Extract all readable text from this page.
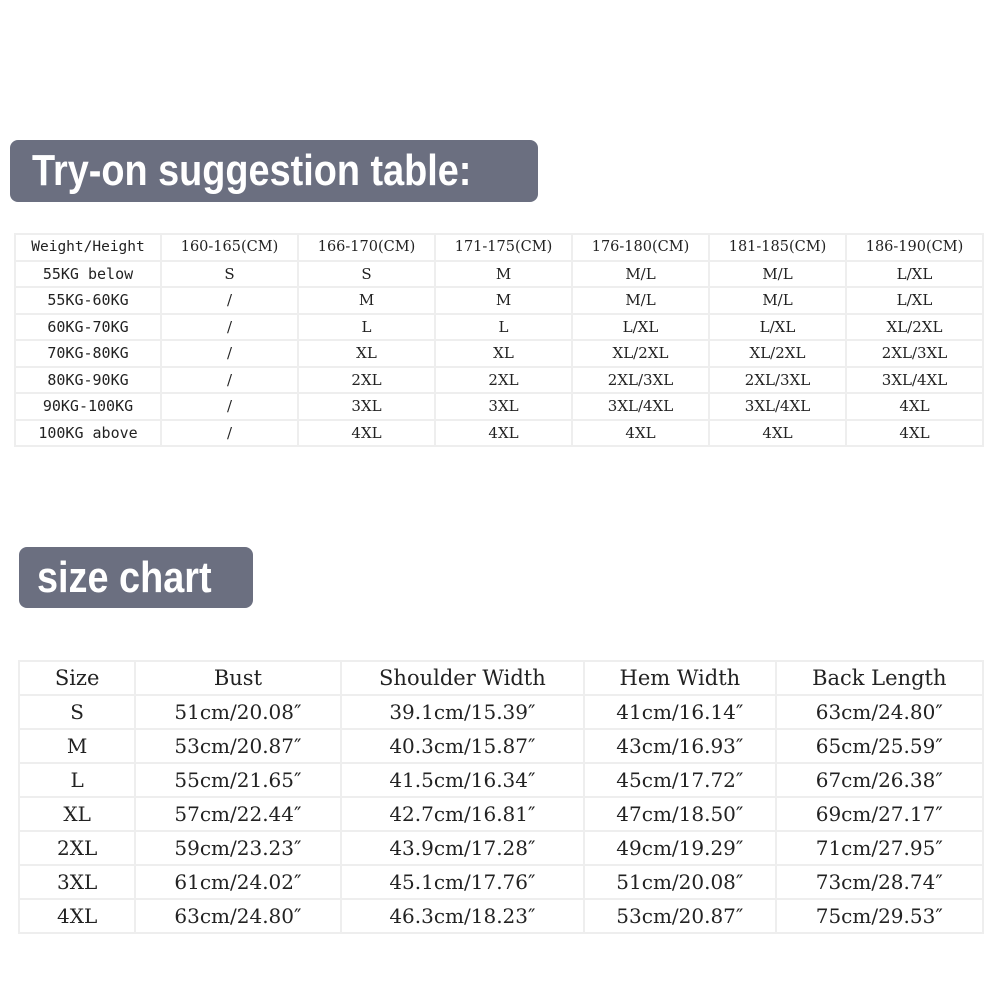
Try-on suggestion table:
Weight/Height	160-165(CM)	166-170(CM)	171-175(CM)	176-180(CM)	181-185(CM)	186-190(CM)
55KG below	S	S	M	M/L	M/L	L/XL
55KG-60KG	/	M	M	M/L	M/L	L/XL
60KG-70KG	/	L	L	L/XL	L/XL	XL/2XL
70KG-80KG	/	XL	XL	XL/2XL	XL/2XL	2XL/3XL
80KG-90KG	/	2XL	2XL	2XL/3XL	2XL/3XL	3XL/4XL
90KG-100KG	/	3XL	3XL	3XL/4XL	3XL/4XL	4XL
100KG above	/	4XL	4XL	4XL	4XL	4XL
size chart
Size	Bust	Shoulder Width	Hem Width	Back Length
S	51cm/20.08″	39.1cm/15.39″	41cm/16.14″	63cm/24.80″
M	53cm/20.87″	40.3cm/15.87″	43cm/16.93″	65cm/25.59″
L	55cm/21.65″	41.5cm/16.34″	45cm/17.72″	67cm/26.38″
XL	57cm/22.44″	42.7cm/16.81″	47cm/18.50″	69cm/27.17″
2XL	59cm/23.23″	43.9cm/17.28″	49cm/19.29″	71cm/27.95″
3XL	61cm/24.02″	45.1cm/17.76″	51cm/20.08″	73cm/28.74″
4XL	63cm/24.80″	46.3cm/18.23″	53cm/20.87″	75cm/29.53″
